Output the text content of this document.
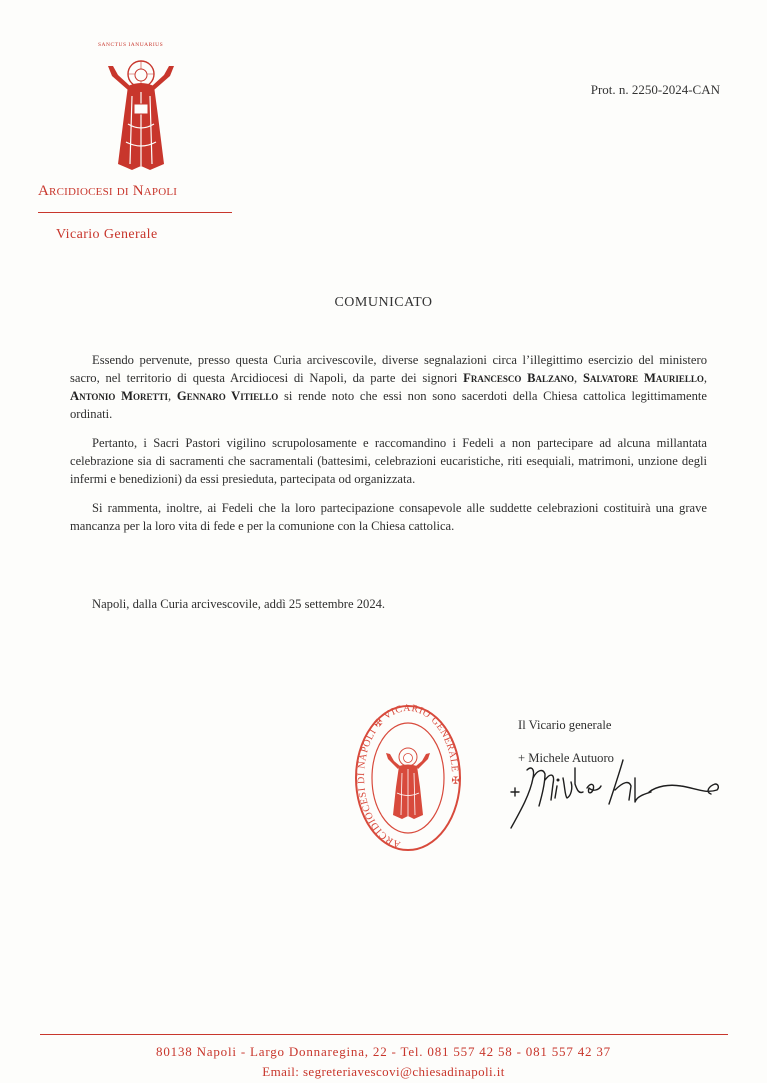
SANCTUS IANUARIUS
Arcidiocesi di Napoli
Vicario Generale
Prot. n. 2250-2024-CAN
COMUNICATO

Essendo pervenute, presso questa Curia arcivescovile, diverse segnalazioni circa l’illegittimo esercizio del ministero sacro, nel territorio di questa Arcidiocesi di Napoli, da parte dei signori Francesco Balzano, Salvatore Mauriello, Antonio Moretti, Gennaro Vitiello si rende noto che essi non sono sacerdoti della Chiesa cattolica legittimamente ordinati.

Pertanto, i Sacri Pastori vigilino scrupolosamente e raccomandino i Fedeli a non partecipare ad alcuna millantata celebrazione sia di sacramenti che sacramentali (battesimi, celebrazioni eucaristiche, riti esequiali, matrimoni, unzione degli infermi e benedizioni) da essi presieduta, partecipata od organizzata.

Si rammenta, inoltre, ai Fedeli che la loro partecipazione consapevole alle suddette celebrazioni costituirà una grave mancanza per la loro vita di fede e per la comunione con la Chiesa cattolica.

Napoli, dalla Curia arcivescovile, addì 25 settembre 2024.
ARCIDIOCESI DI NAPOLI ✠ VICARIO GENERALE ✠
Il Vicario generale
+ Michele Autuoro
80138 Napoli - Largo Donnaregina, 22 - Tel. 081 557 42 58 - 081 557 42 37
Email: segreteriavescovi@chiesadinapoli.it
